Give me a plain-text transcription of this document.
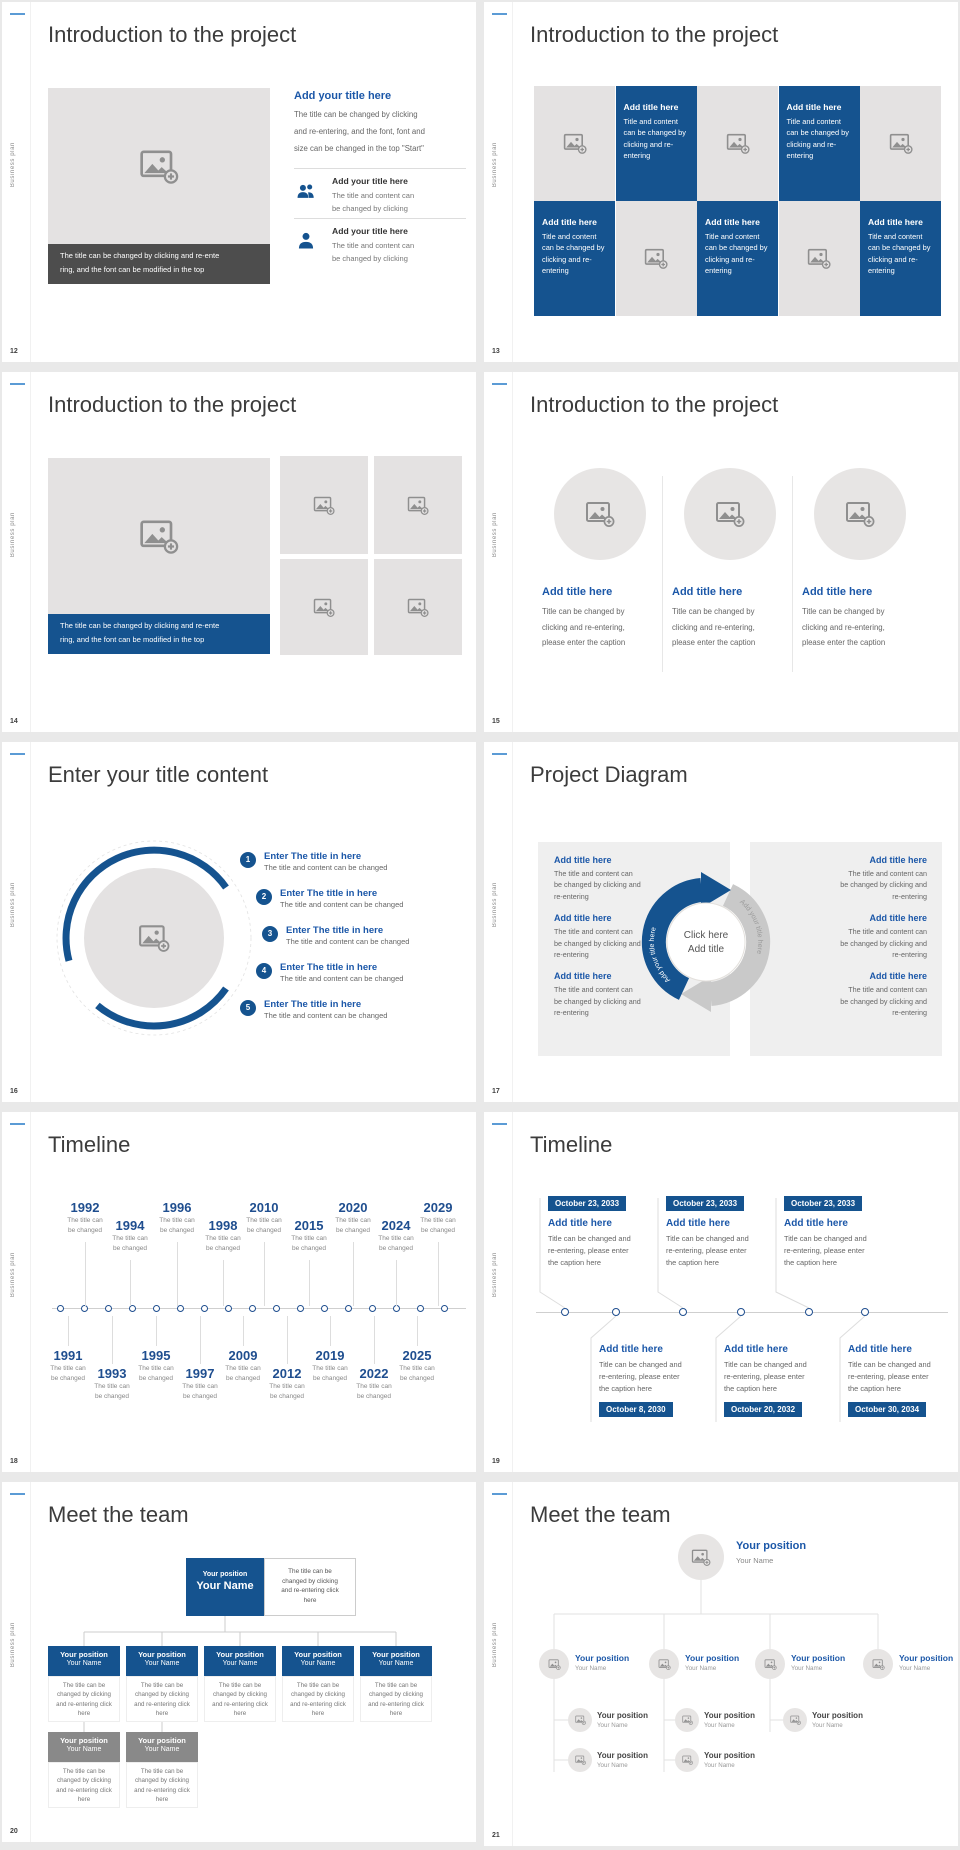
Business plan
Introduction to the project
12
The title can be changed by clicking and re-ente
ring, and the font can be modified in the top
Add your title here
The title can be changed by clicking
and re-entering, and the font, font and
size can be changed in the top "Start"
Add your title here
The title and content can
be changed by clicking
Add your title here
The title and content can
be changed by clicking
Business plan
Introduction to the project
13
Add title here
Title and content can be changed by clicking and re-entering
Add title here
Title and content can be changed by clicking and re-entering
Add title here
Title and content can be changed by clicking and re-entering
Add title here
Title and content can be changed by clicking and re-entering
Add title here
Title and content can be changed by clicking and re-entering
Business plan
Introduction to the project
14
The title can be changed by clicking and re-ente
ring, and the font can be modified in the top
Business plan
Introduction to the project
15
Add title here
Title can be changed by
clicking and re-entering,
please enter the caption
Add title here
Title can be changed by
clicking and re-entering,
please enter the caption
Add title here
Title can be changed by
clicking and re-entering,
please enter the caption
Business plan
Enter your title content
16
1	Enter The title in here
The title and content can be changed
2	Enter The title in here
The title and content can be changed
3	Enter The title in here
The title and content can be changed
4	Enter The title in here
The title and content can be changed
5	Enter The title in here
The title and content can be changed
Business plan
Project Diagram
17
Add title here
The title and content can
be changed by clicking and
re-entering
Add title here
The title and content can
be changed by clicking and
re-entering
Add title here
The title and content can
be changed by clicking and
re-entering
Add title here
The title and content can
be changed by clicking and
re-entering
Add title here
The title and content can
be changed by clicking and
re-entering
Add title here
The title and content can
be changed by clicking and
re-entering
Add your title here
Add your title here
Click here
Add title
Business plan
Timeline
18
1992
The title can
be changed	1994
The title can
be changed
1996
The title can
be changed	1998
The title can
be changed
2010
The title can
be changed	2015
The title can
be changed
2020
The title can
be changed 2024
The title can
be changed
2029
The title can
be changed
1991
The title can
be changed 1993
The title can
be changed
1995
The title can
be changed 1997
The title can
be changed
2009
The title can
be changed 2012
The title can
be changed
2019
The title can
be changed 2022
The title can
be changed
2025
The title can
be changed
Business plan
Timeline
19
October 23, 2033
Add title here
Title can be changed and
re-entering, please enter
the caption here
October 23, 2033
Add title here
Title can be changed and
re-entering, please enter
the caption here
October 23, 2033
Add title here
Title can be changed and
re-entering, please enter
the caption here
Add title here
Title can be changed and
re-entering, please enter
the caption here
October 8, 2030
Add title here
Title can be changed and
re-entering, please enter
the caption here
October 20, 2032
Add title here
Title can be changed and
re-entering, please enter
the caption here
October 30, 2034
Business plan
Meet the team
20
Your position
Your Name
The title can be
changed by clicking
and re-entering click
here
Your position
Your Name
The title can be
changed by clicking
and re-entering click
here
Your position
Your Name
The title can be
changed by clicking
and re-entering click
here
Your position
Your Name
The title can be
changed by clicking
and re-entering click
here
Your position
Your Name
The title can be
changed by clicking
and re-entering click
here
Your position
Your Name
The title can be
changed by clicking
and re-entering click
here
Your position
Your Name
The title can be
changed by clicking
and re-entering click
here
Your position
Your Name
The title can be
changed by clicking
and re-entering click
here
Business plan
Meet the team
21
Your position
Your Name
Your position
Your Name
Your position
Your Name
Your position
Your Name
Your position
Your Name
Your position
Your Name
Your position
Your Name
Your position
Your Name
Your position
Your Name
Your position
Your Name
